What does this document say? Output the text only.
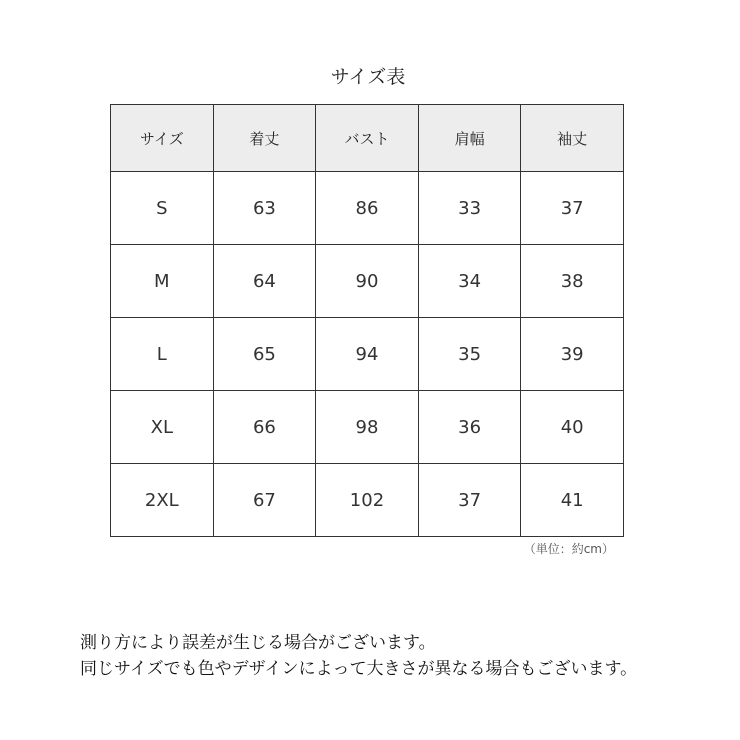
サイズ表
サイズ	着丈	バスト	肩幅	袖丈
S	63	86	33	37
M	64	90	34	38
L	65	94	35	39
XL	66	98	36	40
2XL	67	102	37	41
（単位：約cm）
測り方により誤差が生じる場合がございます。
同じサイズでも色やデザインによって大きさが異なる場合もございます。
